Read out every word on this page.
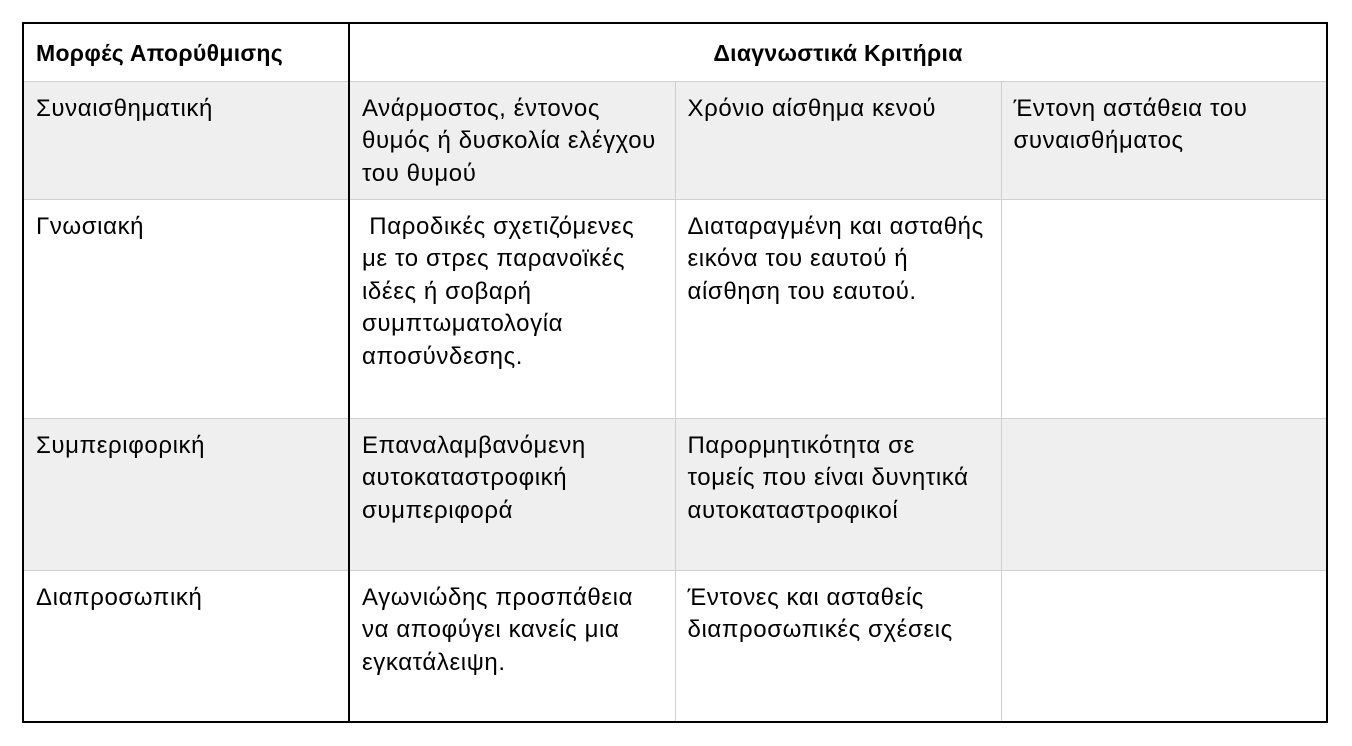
Μορφές Απορύθμισης	Διαγνωστικά Κριτήρια		
Συναισθηματική	Ανάρμοστος, έντονος θυμός ή δυσκολία ελέγχου του θυμού	Χρόνιο αίσθημα κενού	Έντονη αστάθεια του συναισθήματος
Γνωσιακή	Παροδικές σχετιζόμενες με το στρες παρανοϊκές ιδέες ή σοβαρή συμπτωματολογία αποσύνδεσης.	Διαταραγμένη και ασταθής εικόνα του εαυτού ή αίσθηση του εαυτού.	
Συμπεριφορική	Επαναλαμβανόμενη αυτοκαταστροφική συμπεριφορά	Παρορμητικότητα σε τομείς που είναι δυνητικά αυτοκαταστροφικοί	
Διαπροσωπική	Αγωνιώδης προσπάθεια να αποφύγει κανείς μια εγκατάλειψη.	Έντονες και ασταθείς διαπροσωπικές σχέσεις	
